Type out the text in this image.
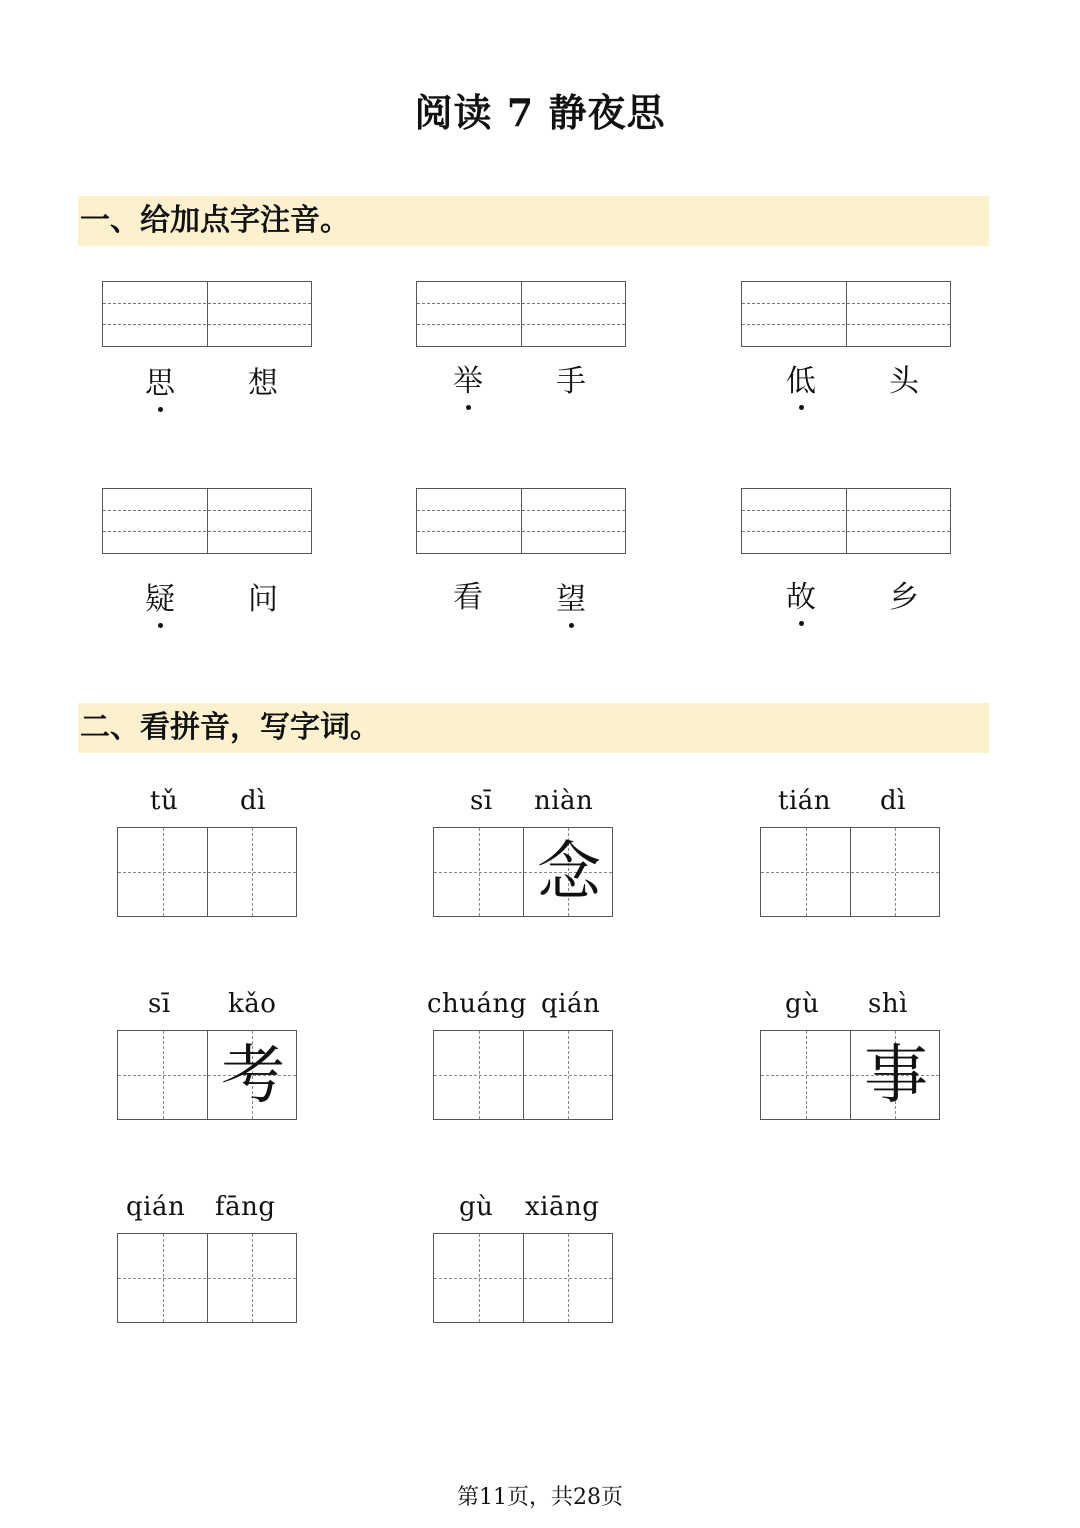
阅读 7 静夜思
一、给加点字注音。
思 想	举 手	低 头
疑 问	看 望	故 乡
二、看拼音，写字词。
tǔ dì	sī niàn
念
tián dì
sī kǎo
考
chuáng qián	gù shì
事
qián fāng	gù xiāng
第11页，共28页
